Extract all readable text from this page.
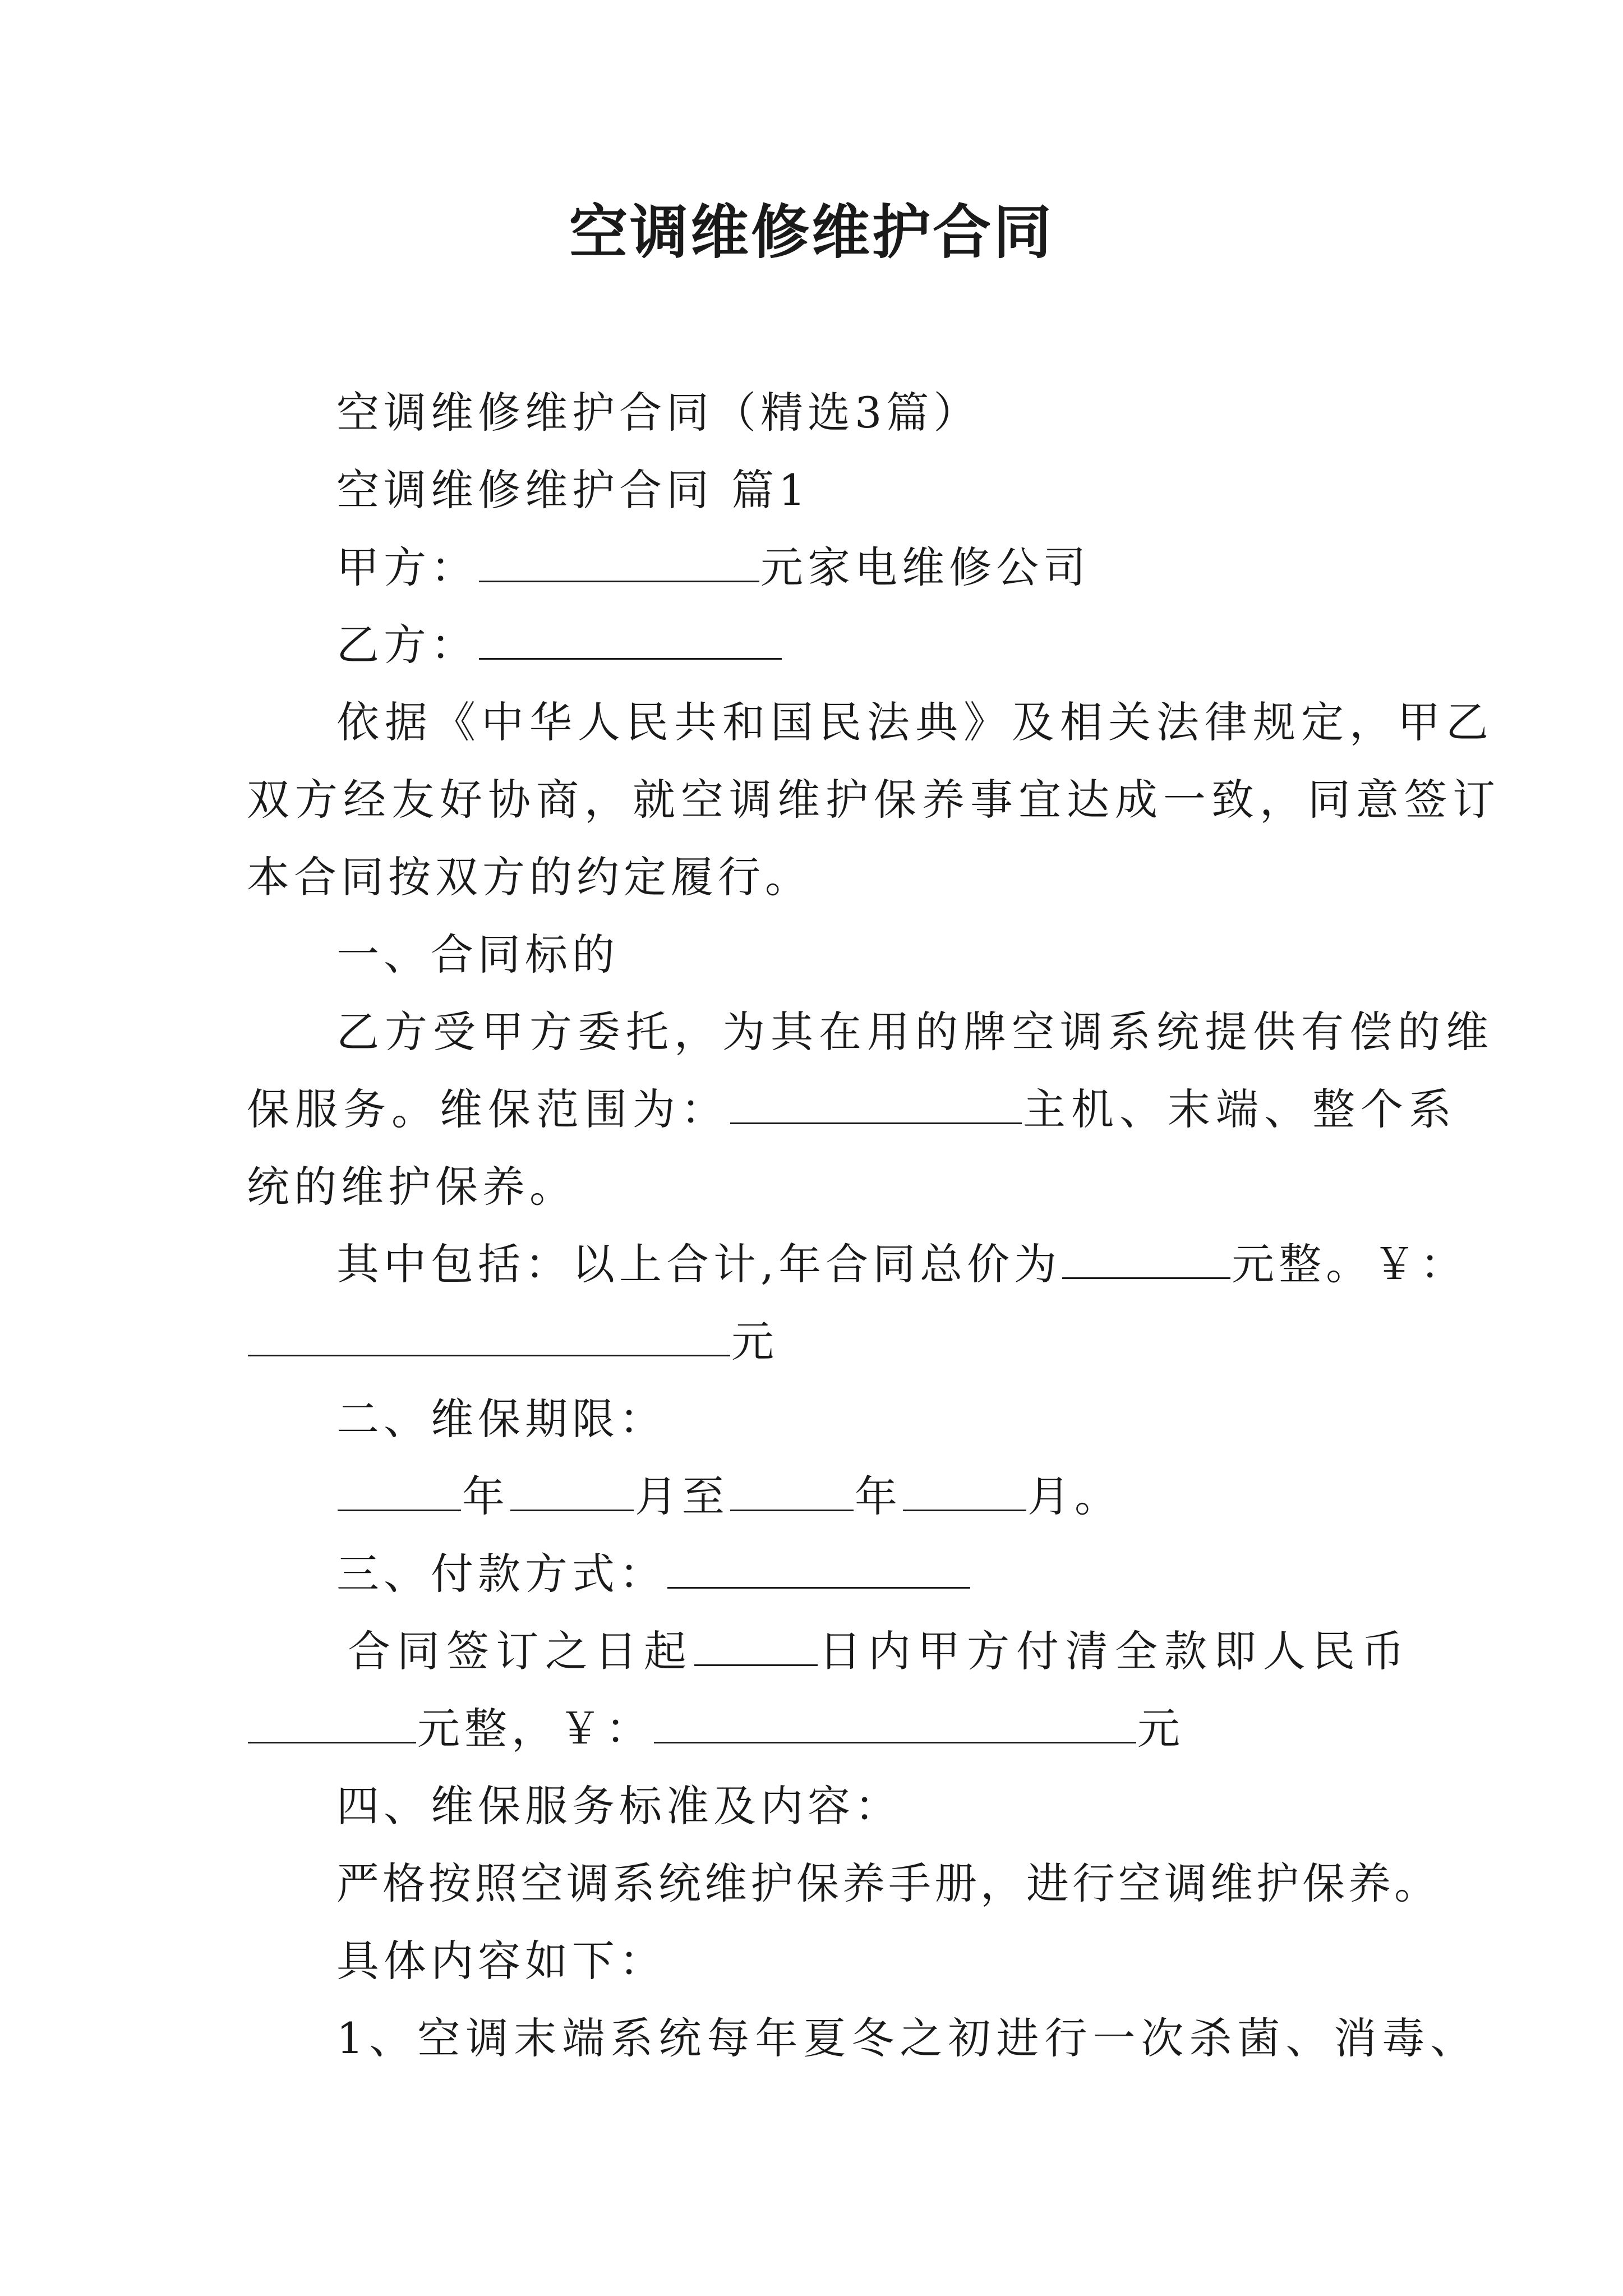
空调维修维护合同
空调维修维护合同（精选3篇）
空调维修维护合同 篇1
甲方：	元家电维修公司
乙方：
依据《中华人民共和国民法典》及相关法律规定，甲乙
双方经友好协商，就空调维护保养事宜达成一致，同意签订
本合同按双方的约定履行。
一、合同标的
乙方受甲方委托，为其在用的牌空调系统提供有偿的维
保服务。维保范围为：	主机、末端、整个系
统的维护保养。
其中包括：以上合计,年合同总价为	元整。￥：
元
二、维保期限：
年	月至	年	月。
三、付款方式：
合同签订之日起	日内甲方付清全款即人民币
元整，￥：	元
四、维保服务标准及内容：
严格按照空调系统维护保养手册，进行空调维护保养。
具体内容如下：
1、空调末端系统每年夏冬之初进行一次杀菌、消毒、
